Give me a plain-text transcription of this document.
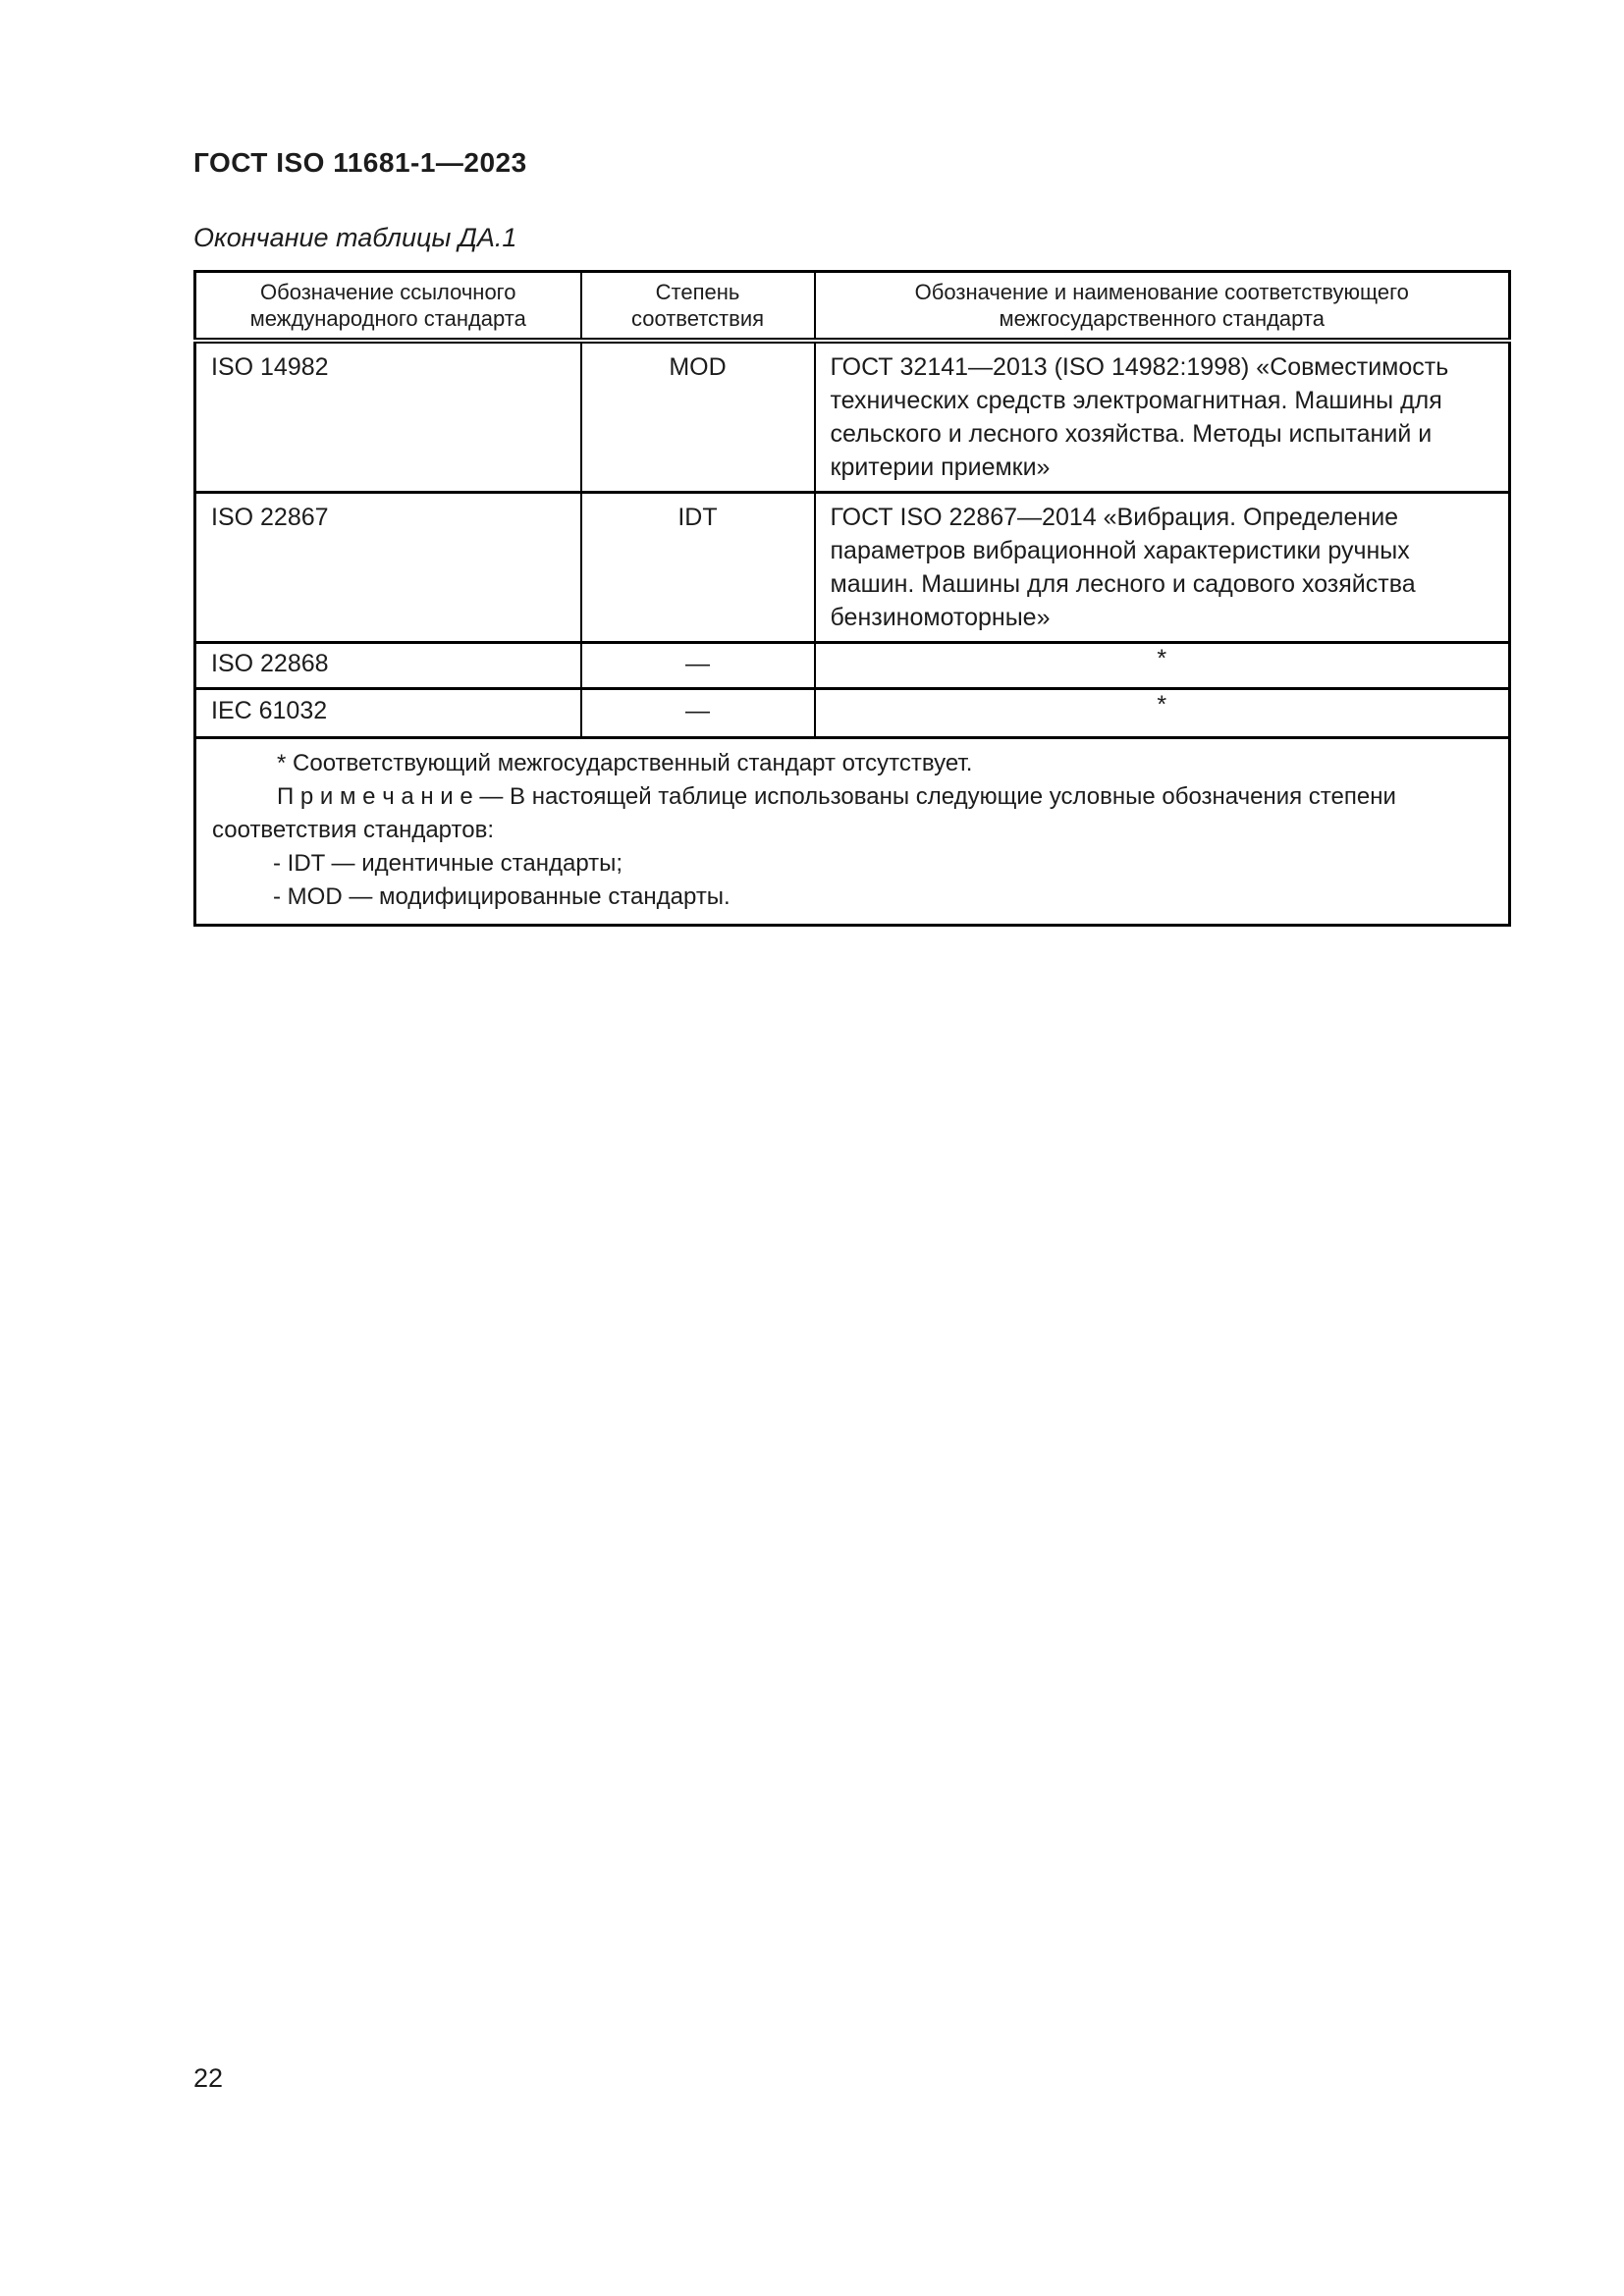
ГОСТ ISO 11681-1—2023
Окончание таблицы ДА.1
Обозначение ссылочного международного стандарта	Степень соответствия	Обозначение и наименование соответствующего межгосударственного стандарта
ISO 14982	MOD	ГОСТ 32141—2013 (ISO 14982:1998) «Совместимость технических средств электромагнитная. Машины для сельского и лесного хозяйства. Методы испытаний и критерии приемки»
ISO 22867	IDT	ГОСТ ISO 22867—2014 «Вибрация. Определение параметров вибрационной характеристики ручных машин. Машины для лесного и садового хозяйства бензиномоторные»
ISO 22868	—	*
IEC 61032	—	*

* Соответствующий межгосударственный стандарт отсутствует.

П р и м е ч а н и е — В настоящей таблице использованы следующие условные обозначения степени соответствия стандартов:

- IDT — идентичные стандарты;

- MOD — модифицированные стандарты.		

22
